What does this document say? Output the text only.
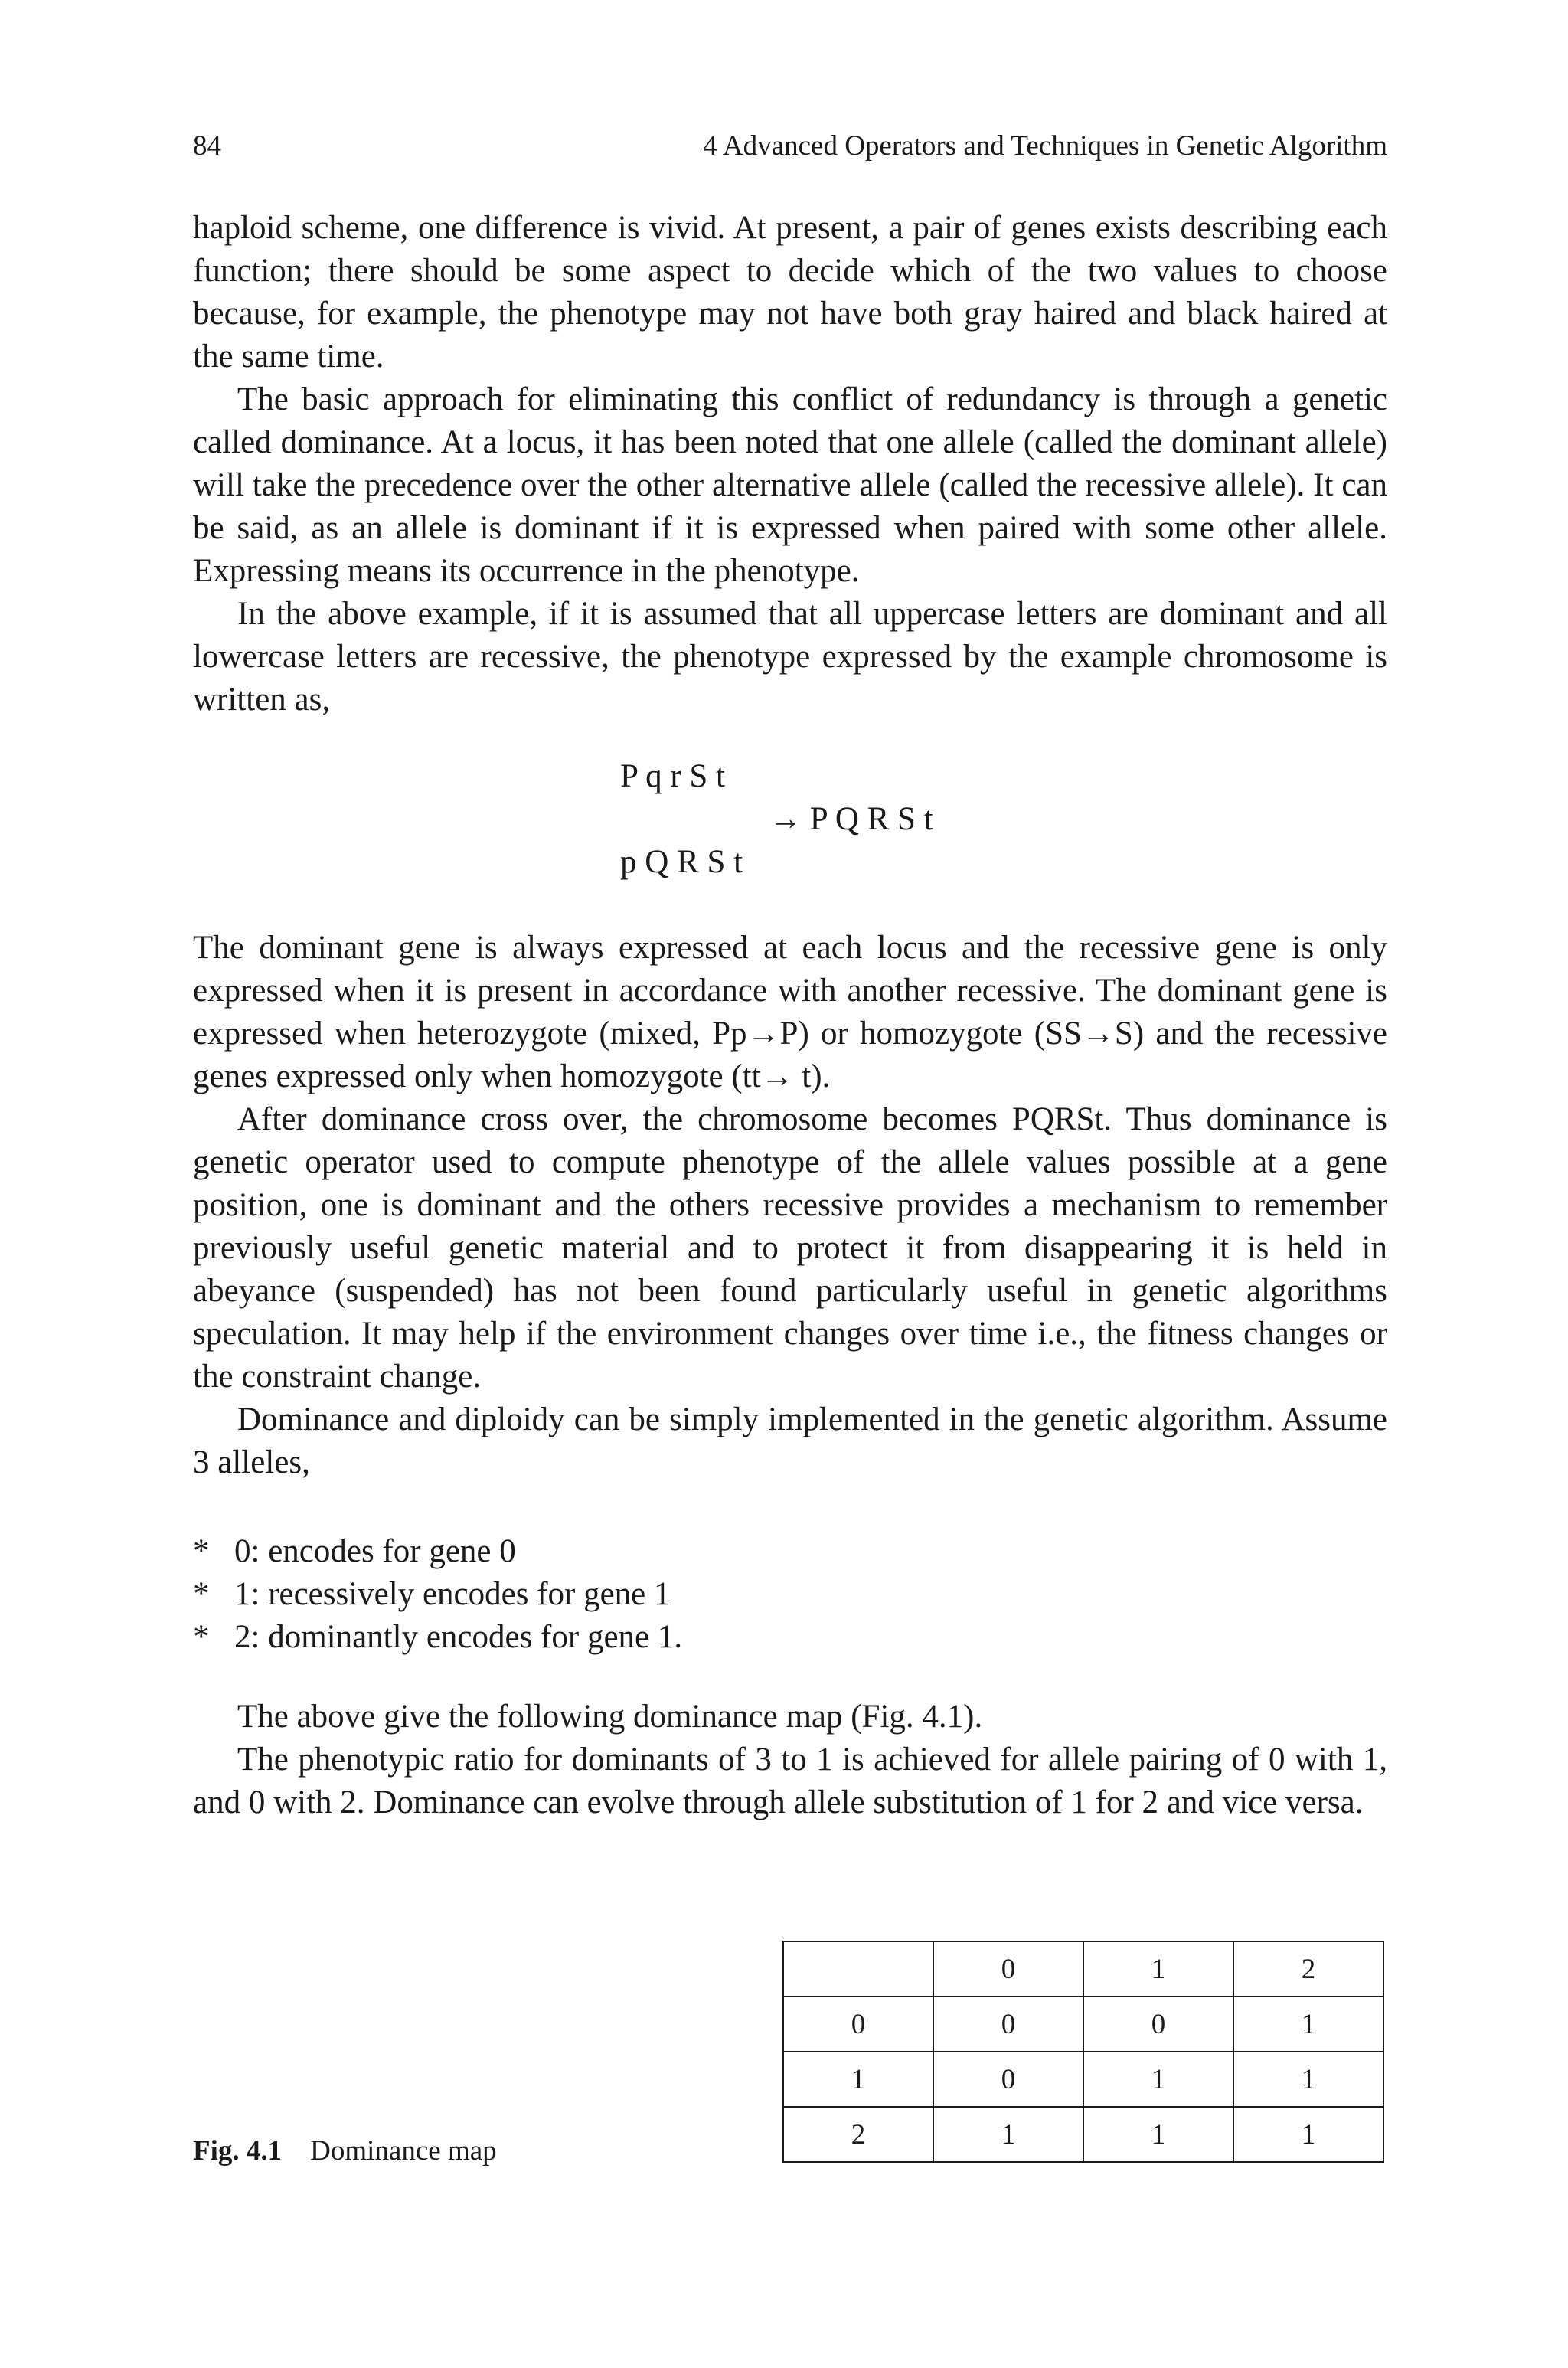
84	4 Advanced Operators and Techniques in Genetic Algorithm

haploid scheme, one difference is vivid. At present, a pair of genes exists describing each function; there should be some aspect to decide which of the two values to choose because, for example, the phenotype may not have both gray haired and black haired at the same time.

The basic approach for eliminating this conflict of redundancy is through a genetic called dominance. At a locus, it has been noted that one allele (called the dominant allele) will take the precedence over the other alternative allele (called the recessive allele). It can be said, as an allele is dominant if it is expressed when paired with some other allele. Expressing means its occurrence in the phenotype.

In the above example, if it is assumed that all uppercase letters are dominant and all lowercase letters are recessive, the phenotype expressed by the example chromosome is written as,

P q r S t
→ P Q R S t
p Q R S t

The dominant gene is always expressed at each locus and the recessive gene is only expressed when it is present in accordance with another recessive. The dominant gene is expressed when heterozygote (mixed, Pp→P) or homozygote (SS→S) and the recessive genes expressed only when homozygote (tt→ t).

After dominance cross over, the chromosome becomes PQRSt. Thus dominance is genetic operator used to compute phenotype of the allele values possible at a gene position, one is dominant and the others recessive provides a mechanism to remember previously useful genetic material and to protect it from disappearing it is held in abeyance (suspended) has not been found particularly useful in genetic algorithms speculation. It may help if the environment changes over time i.e., the fitness changes or the constraint change.

Dominance and diploidy can be simply implemented in the genetic algorithm. Assume 3 alleles,

* 0: encodes for gene 0
* 1: recessively encodes for gene 1
* 2: dominantly encodes for gene 1.

The above give the following dominance map (Fig. 4.1).

The phenotypic ratio for dominants of 3 to 1 is achieved for allele pairing of 0 with 1, and 0 with 2. Dominance can evolve through allele substitution of 1 for 2 and vice versa.

	0	1	2
0	0	0	1
1	0	1	1
2	1	1	1
Fig. 4.1 Dominance map
